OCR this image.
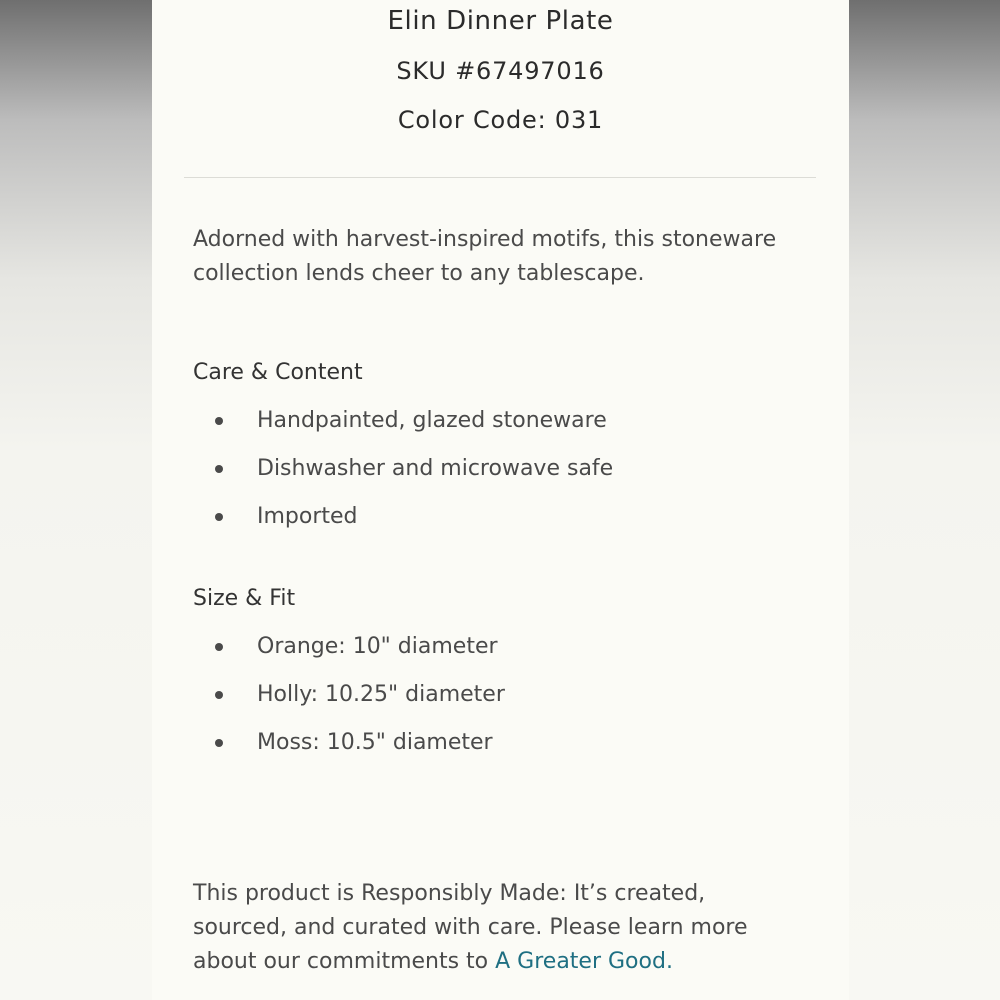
Elin Dinner Plate
SKU #67497016
Color Code: 031
Adorned with harvest-inspired motifs, this stoneware
collection lends cheer to any tablescape.
Care & Content
Handpainted, glazed stoneware
Dishwasher and microwave safe
Imported
Size & Fit
Orange: 10" diameter
Holly: 10.25" diameter
Moss: 10.5" diameter
This product is Responsibly Made: It’s created,
sourced, and curated with care. Please learn more
about our commitments to A Greater Good.
